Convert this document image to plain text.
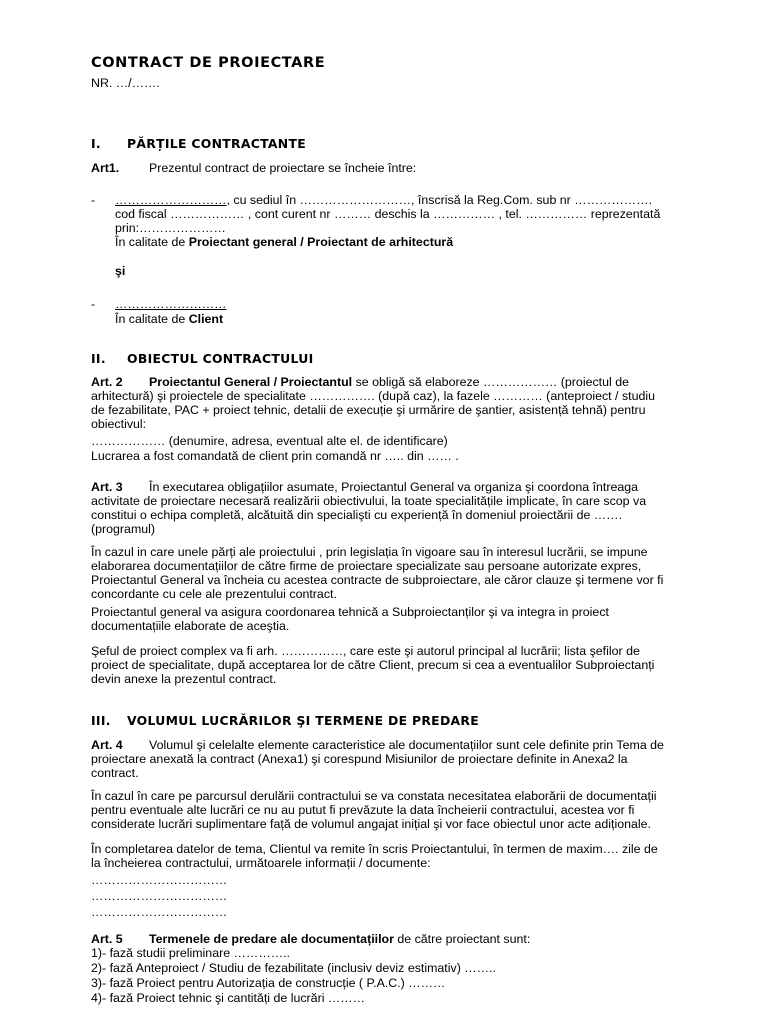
CONTRACT DE PROIECTARE
NR. …/…….
I. PĂRȚILE CONTRACTANTE
Art1. Prezentul contract de proiectare se încheie între:
- ………………………, cu sediul în ………………………, înscrisă la Reg.Com. sub nr ……………….
cod fiscal ……………… , cont curent nr ……… deschis la …………… , tel. …………… reprezentată
prin:…………………
În calitate de Proiectant general / Proiectant de arhitectură
şi
- ………………………
În calitate de Client
II. OBIECTUL CONTRACTULUI
Art. 2 Proiectantul General / Proiectantul se obligă să elaboreze ……………… (proiectul de
arhitectură) şi proiectele de specialitate ……………. (după caz), la fazele ………… (anteproiect / studiu
de fezabilitate, PAC + proiect tehnic, detalii de execuție şi urmărire de şantier, asistență tehnă) pentru
obiectivul:
……………… (denumire, adresa, eventual alte el. de identificare)
Lucrarea a fost comandată de client prin comandă nr ….. din …… .
Art. 3 În executarea obligațiilor asumate, Proiectantul General va organiza şi coordona întreaga
activitate de proiectare necesară realizării obiectivului, la toate specialitățile implicate, în care scop va
constitui o echipa completă, alcătuită din specialişti cu experiență în domeniul proiectării de …….
(programul)
În cazul in care unele părți ale proiectului , prin legislația în vigoare sau în interesul lucrării, se impune
elaborarea documentațiilor de către firme de proiectare specializate sau persoane autorizate expres,
Proiectantul General va încheia cu acestea contracte de subproiectare, ale căror clauze şi termene vor fi
concordante cu cele ale prezentului contract.
Proiectantul general va asigura coordonarea tehnică a Subproiectanților şi va integra in proiect
documentațiile elaborate de aceştia.
Şeful de proiect complex va fi arh. ……………, care este şi autorul principal al lucrării; lista şefilor de
proiect de specialitate, după acceptarea lor de către Client, precum si cea a eventualilor Subproiectanți
devin anexe la prezentul contract.
III. VOLUMUL LUCRĂRILOR ŞI TERMENE DE PREDARE
Art. 4 Volumul şi celelalte elemente caracteristice ale documentațiilor sunt cele definite prin Tema de
proiectare anexată la contract (Anexa1) şi corespund Misiunilor de proiectare definite in Anexa2 la
contract.
În cazul în care pe parcursul derulării contractului se va constata necesitatea elaborării de documentații
pentru eventuale alte lucrări ce nu au putut fi prevăzute la data încheierii contractului, acestea vor fi
considerate lucrări suplimentare față de volumul angajat inițial şi vor face obiectul unor acte adiționale.
În completarea datelor de tema, Clientul va remite în scris Proiectantului, în termen de maxim…. zile de
la încheierea contractului, următoarele informații / documente:
……………………………
……………………………
……………………………
Art. 5 Termenele de predare ale documentațiilor de către proiectant sunt:
1)- fază studii preliminare …………..
2)- fază Anteproiect / Studiu de fezabilitate (inclusiv deviz estimativ) ……..
3)- fază Proiect pentru Autorizația de construcție ( P.A.C.) ………
4)- fază Proiect tehnic şi cantități de lucrări ………
